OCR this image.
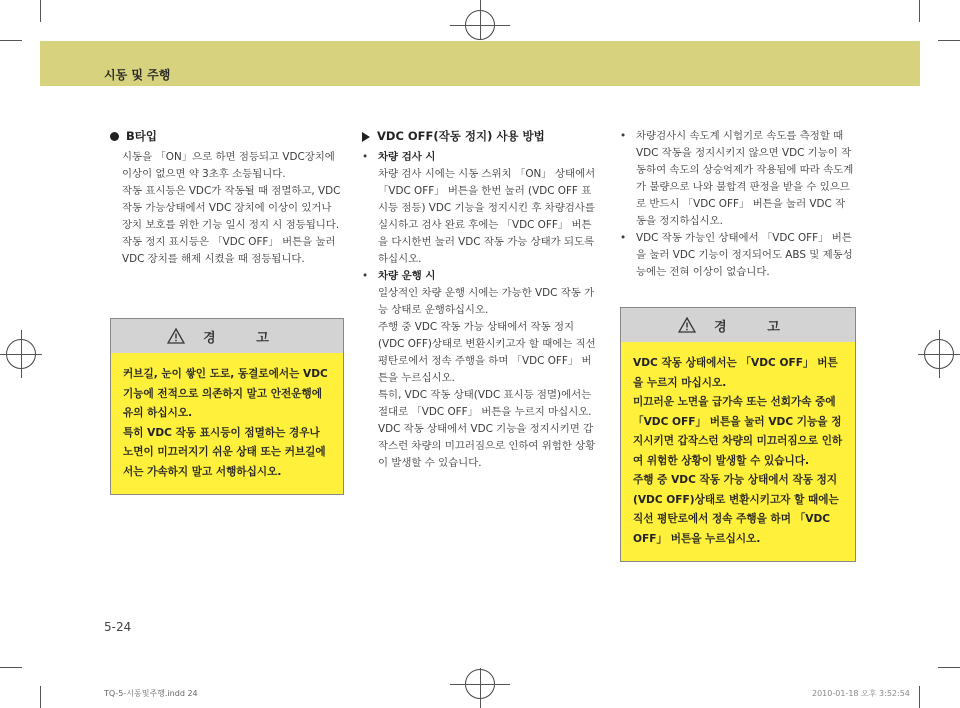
시동 및 주행
B타입

시동을 「ON」으로 하면 점등되고 VDC장치에 이상이 없으면 약 3초후 소등됩니다.

작동 표시등은 VDC가 작동될 때 점멸하고, VDC 작동 가능상태에서 VDC 장치에 이상이 있거나 장치 보호를 위한 기능 일시 정지 시 점등됩니다.

작동 정지 표시등은 「VDC OFF」 버튼을 눌러 VDC 장치를 해제 시켰을 때 점등됩니다.

경 고
커브길, 눈이 쌓인 도로, 동결로에서는 VDC 기능에 전적으로 의존하지 말고 안전운행에 유의 하십시오.
특히 VDC 작동 표시등이 점멸하는 경우나 노면이 미끄러지기 쉬운 상태 또는 커브길에서는 가속하지 말고 서행하십시오.
VDC OFF(작동 정지) 사용 방법
• 차량 검사 시

차량 검사 시에는 시동 스위치 「ON」 상태에서 「VDC OFF」 버튼을 한번 눌러 (VDC OFF 표시등 점등) VDC 기능을 정지시킨 후 차량검사를 실시하고 검사 완료 후에는 「VDC OFF」 버튼을 다시한번 눌러 VDC 작동 가능 상태가 되도록 하십시오.

• 차량 운행 시

일상적인 차량 운행 시에는 가능한 VDC 작동 가능 상태로 운행하십시오.

주행 중 VDC 작동 가능 상태에서 작동 정지(VDC OFF)상태로 변환시키고자 할 때에는 직선 평탄로에서 정속 주행을 하며 「VDC OFF」 버튼을 누르십시오.

특히, VDC 작동 상태(VDC 표시등 점멸)에서는 절대로 「VDC OFF」 버튼을 누르지 마십시오.

VDC 작동 상태에서 VDC 기능을 정지시키면 갑작스런 차량의 미끄러짐으로 인하여 위험한 상황이 발생할 수 있습니다.

• 차량검사시 속도계 시험기로 속도를 측정할 때 VDC 작동을 정지시키지 않으면 VDC 기능이 작동하여 속도의 상승억제가 작용됨에 따라 속도계가 불량으로 나와 불합격 판정을 받을 수 있으므로 반드시 「VDC OFF」 버튼을 눌러 VDC 작동을 정지하십시오.

• VDC 작동 가능인 상태에서 「VDC OFF」 버튼을 눌러 VDC 기능이 정지되어도 ABS 및 제동성능에는 전혀 이상이 없습니다.

경 고
VDC 작동 상태에서는 「VDC OFF」 버튼을 누르지 마십시오.
미끄러운 노면을 급가속 또는 선회가속 중에 「VDC OFF」 버튼을 눌러 VDC 기능을 정지시키면 갑작스런 차량의 미끄러짐으로 인하여 위험한 상황이 발생할 수 있습니다.
주행 중 VDC 작동 가능 상태에서 작동 정지(VDC OFF)상태로 변환시키고자 할 때에는 직선 평탄로에서 정속 주행을 하며 「VDC OFF」 버튼을 누르십시오.
5-24
TQ-5-시동및주행.indd 24	2010-01-18 오후 3:52:54
